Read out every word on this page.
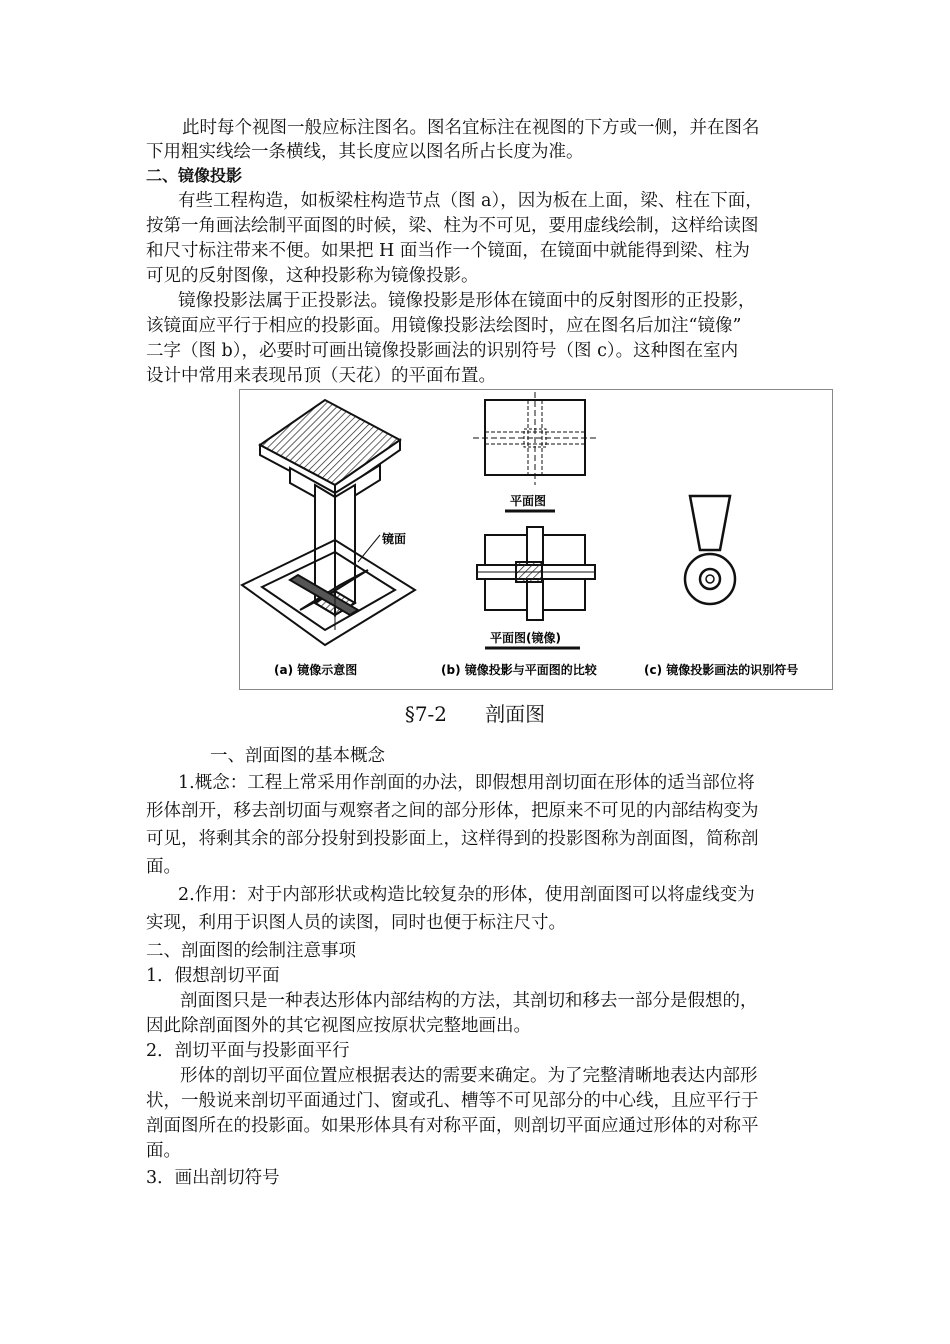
此时每个视图一般应标注图名。图名宜标注在视图的下方或一侧，并在图名
下用粗实线绘一条横线，其长度应以图名所占长度为准。
二、镜像投影
有些工程构造，如板梁柱构造节点（图 a），因为板在上面，梁、柱在下面，
按第一角画法绘制平面图的时候，梁、柱为不可见，要用虚线绘制，这样给读图
和尺寸标注带来不便。如果把 H 面当作一个镜面，在镜面中就能得到梁、柱为
可见的反射图像，这种投影称为镜像投影。
镜像投影法属于正投影法。镜像投影是形体在镜面中的反射图形的正投影，
该镜面应平行于相应的投影面。用镜像投影法绘图时，应在图名后加注“镜像”
二字（图 b），必要时可画出镜像投影画法的识别符号（图 c）。这种图在室内
设计中常用来表现吊顶（天花）的平面布置。
镜面
平面图
平面图(镜像)
(a) 镜像示意图	(b) 镜像投影与平面图的比较	(c) 镜像投影画法的识别符号
§7-2      剖面图
一、剖面图的基本概念
1.概念：工程上常采用作剖面的办法，即假想用剖切面在形体的适当部位将
形体剖开，移去剖切面与观察者之间的部分形体，把原来不可见的内部结构变为
可见，将剩其余的部分投射到投影面上，这样得到的投影图称为剖面图，简称剖
面。
2.作用：对于内部形状或构造比较复杂的形体，使用剖面图可以将虚线变为
实现，利用于识图人员的读图，同时也便于标注尺寸。
二、剖面图的绘制注意事项
1．假想剖切平面
剖面图只是一种表达形体内部结构的方法，其剖切和移去一部分是假想的，
因此除剖面图外的其它视图应按原状完整地画出。
2．剖切平面与投影面平行
形体的剖切平面位置应根据表达的需要来确定。为了完整清晰地表达内部形
状，一般说来剖切平面通过门、窗或孔、槽等不可见部分的中心线，且应平行于
剖面图所在的投影面。如果形体具有对称平面，则剖切平面应通过形体的对称平
面。
3．画出剖切符号
